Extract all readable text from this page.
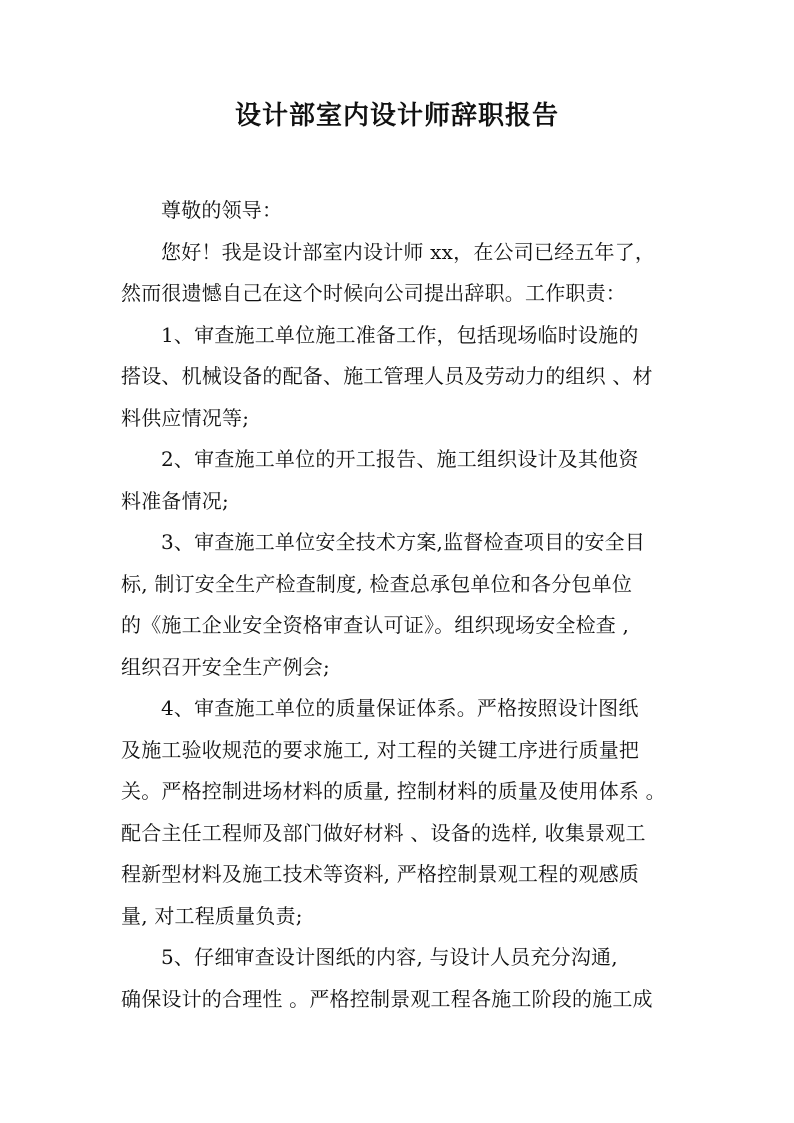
设计部室内设计师辞职报告
尊敬的领导：
您好！我是设计部室内设计师 xx，在公司已经五年了，
然而很遗憾自己在这个时候向公司提出辞职。工作职责：
1、审查施工单位施工准备工作，包括现场临时设施的
搭设、机械设备的配备、施工管理人员及劳动力的组织 、材
料供应情况等;
2、审查施工单位的开工报告、施工组织设计及其他资
料准备情况;
3、审查施工单位安全技术方案,监督检查项目的安全目
标, 制订安全生产检查制度, 检查总承包单位和各分包单位
的《施工企业安全资格审查认可证》。组织现场安全检查 ,
组织召开安全生产例会;
4、审查施工单位的质量保证体系。严格按照设计图纸
及施工验收规范的要求施工, 对工程的关键工序进行质量把
关。严格控制进场材料的质量, 控制材料的质量及使用体系 。
配合主任工程师及部门做好材料 、设备的选样, 收集景观工
程新型材料及施工技术等资料, 严格控制景观工程的观感质
量, 对工程质量负责;
5、仔细审查设计图纸的内容, 与设计人员充分沟通,
确保设计的合理性 。严格控制景观工程各施工阶段的施工成
